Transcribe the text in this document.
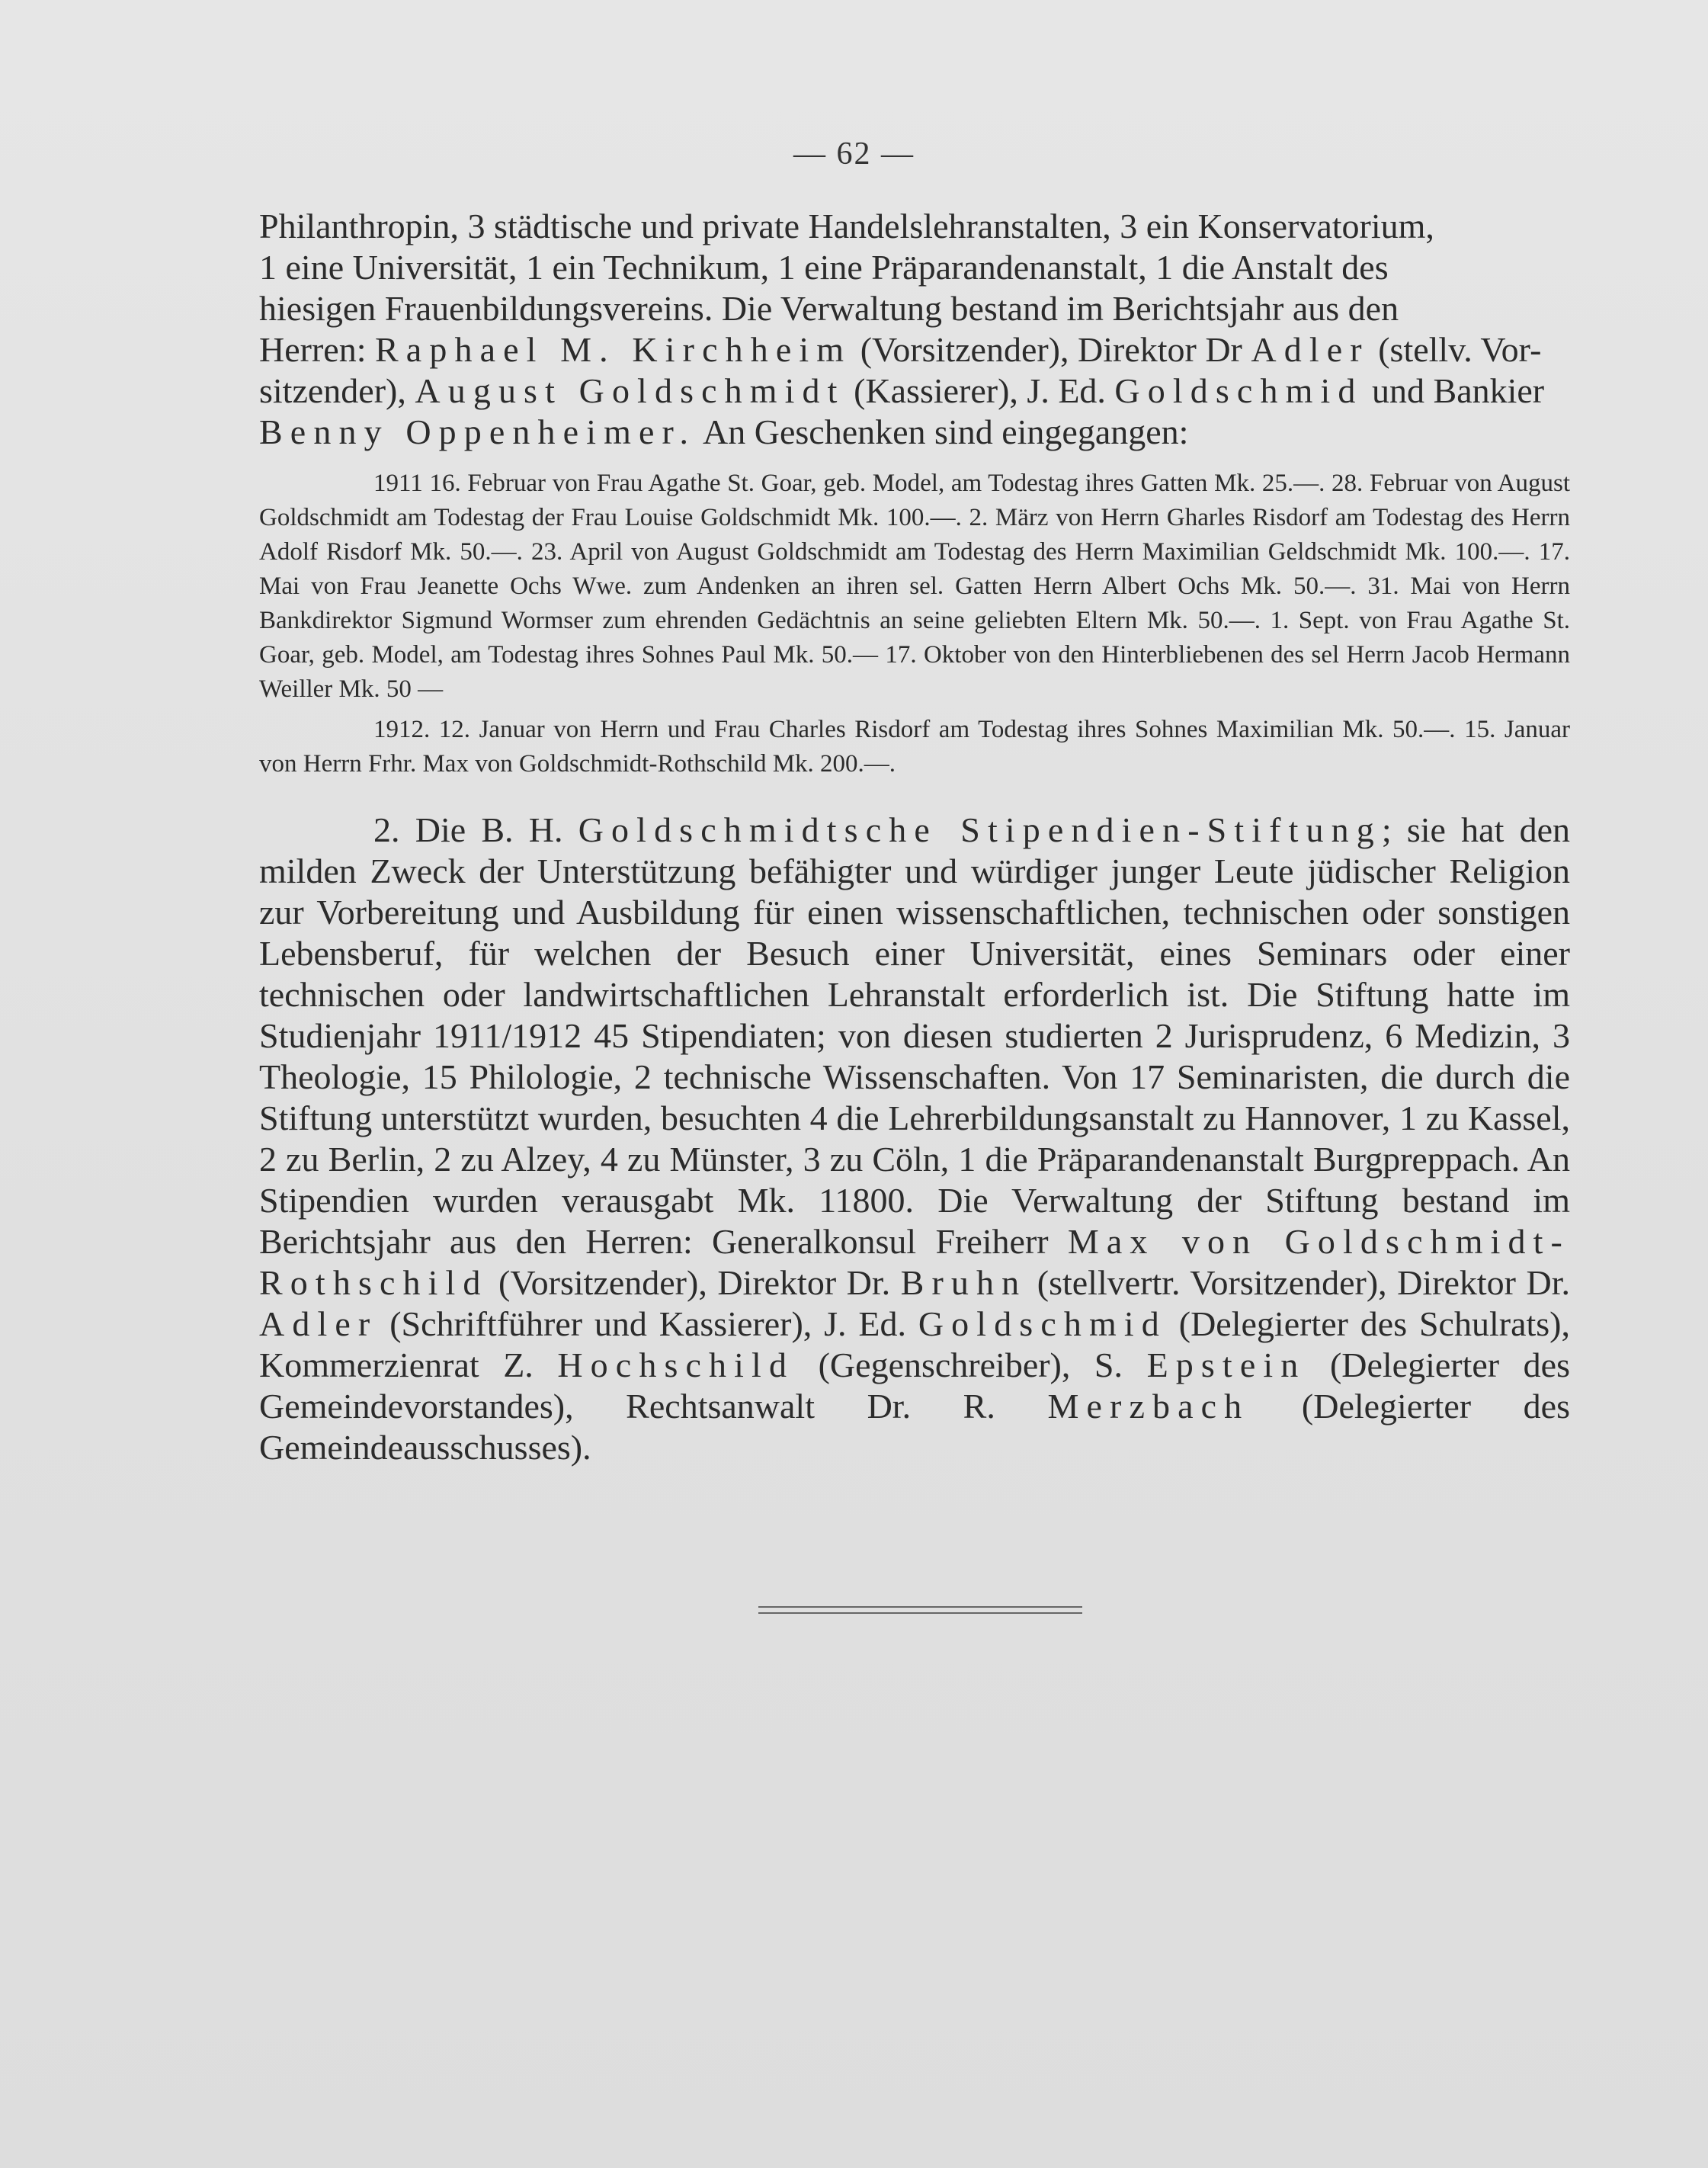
— 62 —

Philanthropin, 3 städtische und private Handelslehranstalten, 3 ein Konservatorium,

1 eine Universität, 1 ein Technikum, 1 eine Präparandenanstalt, 1 die Anstalt des

hiesigen Frauenbildungsvereins. Die Verwaltung bestand im Berichtsjahr aus den

Herren: Raphael M. Kirchheim (Vorsitzender), Direktor Dr Adler (stellv. Vor-

sitzender), August Goldschmidt (Kassierer), J. Ed. Goldschmid und Bankier

Benny Oppenheimer. An Geschenken sind eingegangen:

1911 16. Februar von Frau Agathe St. Goar, geb. Model, am Todestag ihres Gatten Mk. 25.—. 28. Februar von August Goldschmidt am Todestag der Frau Louise Goldschmidt Mk. 100.—. 2. März von Herrn Gharles Risdorf am Todestag des Herrn Adolf Risdorf Mk. 50.—. 23. April von August Goldschmidt am Todestag des Herrn Maximilian Geldschmidt Mk. 100.—. 17. Mai von Frau Jeanette Ochs Wwe. zum Andenken an ihren sel. Gatten Herrn Albert Ochs Mk. 50.—. 31. Mai von Herrn Bankdirektor Sigmund Wormser zum ehrenden Gedächtnis an seine geliebten Eltern Mk. 50.—. 1. Sept. von Frau Agathe St. Goar, geb. Model, am Todestag ihres Sohnes Paul Mk. 50.— 17. Oktober von den Hinterbliebenen des sel Herrn Jacob Hermann Weiller Mk. 50 —

1912. 12. Januar von Herrn und Frau Charles Risdorf am Todestag ihres Sohnes Maximilian Mk. 50.—. 15. Januar von Herrn Frhr. Max von Goldschmidt-Rothschild Mk. 200.—.

2. Die B. H. Goldschmidtsche Stipendien-Stiftung; sie hat den milden Zweck der Unterstützung befähigter und würdiger junger Leute jüdischer Religion zur Vorbereitung und Ausbildung für einen wissenschaftlichen, technischen oder sonstigen Lebensberuf, für welchen der Besuch einer Universität, eines Seminars oder einer technischen oder landwirtschaftlichen Lehranstalt erforderlich ist. Die Stiftung hatte im Studienjahr 1911/1912 45 Stipendiaten; von diesen studierten 2 Jurisprudenz, 6 Medizin, 3 Theologie, 15 Philologie, 2 technische Wissenschaften. Von 17 Seminaristen, die durch die Stiftung unterstützt wurden, besuchten 4 die Lehrerbildungsanstalt zu Hannover, 1 zu Kassel, 2 zu Berlin, 2 zu Alzey, 4 zu Münster, 3 zu Cöln, 1 die Präparandenanstalt Burgpreppach. An Stipendien wurden verausgabt Mk. 11800. Die Verwaltung der Stiftung bestand im Berichtsjahr aus den Herren: Generalkonsul Freiherr Max von Goldschmidt-Rothschild (Vorsitzender), Direktor Dr. Bruhn (stellvertr. Vorsitzender), Direktor Dr. Adler (Schriftführer und Kassierer), J. Ed. Goldschmid (Delegierter des Schulrats), Kommerzienrat Z. Hochschild (Gegenschreiber), S. Epstein (Delegierter des Gemeindevorstandes), Rechtsanwalt Dr. R. Merzbach (Delegierter des Gemeindeausschusses).
